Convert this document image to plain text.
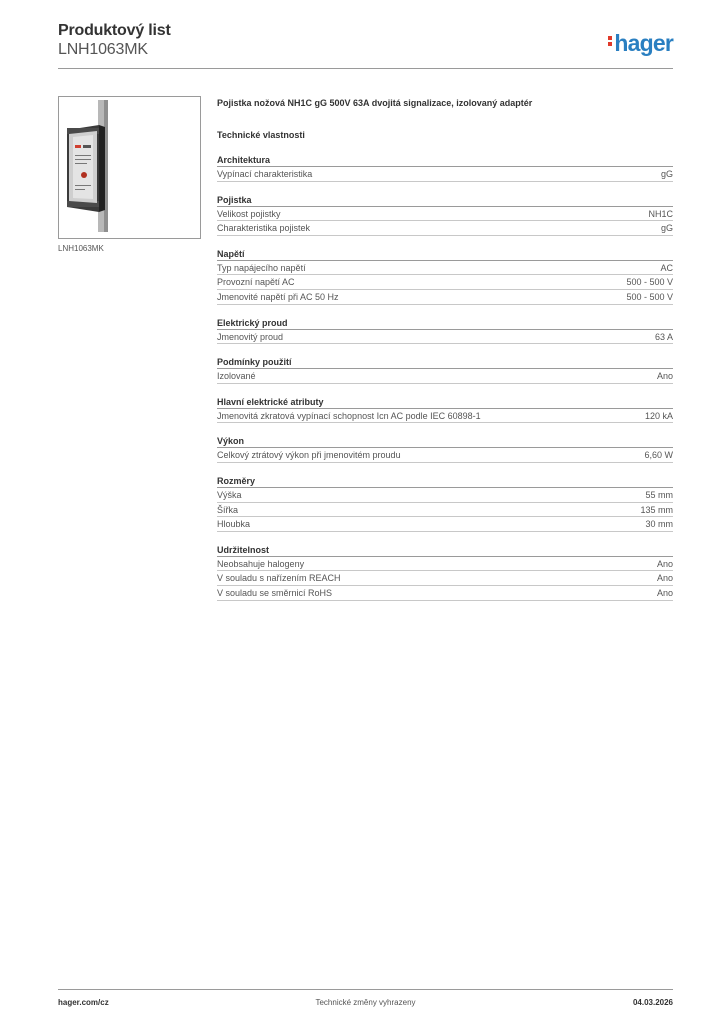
Produktový list
LNH1063MK	hager
LNH1063MK
Pojistka nožová NH1C gG 500V 63A dvojitá signalizace, izolovaný adaptér
Technické vlastnosti
Architektura
Vypínací charakteristika	gG
Pojistka
Velikost pojistky	NH1C
Charakteristika pojistek	gG
Napětí
Typ napájecího napětí	AC
Provozní napětí AC	500 - 500 V
Jmenovité napětí při AC 50 Hz	500 - 500 V
Elektrický proud
Jmenovitý proud	63 A
Podmínky použití
Izolované	Ano
Hlavní elektrické atributy
Jmenovitá zkratová vypínací schopnost Icn AC podle IEC 60898-1	120 kA
Výkon
Celkový ztrátový výkon při jmenovitém proudu	6,60 W
Rozměry
Výška	55 mm
Šířka	135 mm
Hloubka	30 mm
Udržitelnost
Neobsahuje halogeny	Ano
V souladu s nařízením REACH	Ano
V souladu se směrnicí RoHS	Ano
hager.com/cz	Technické změny vyhrazeny	04.03.2026
